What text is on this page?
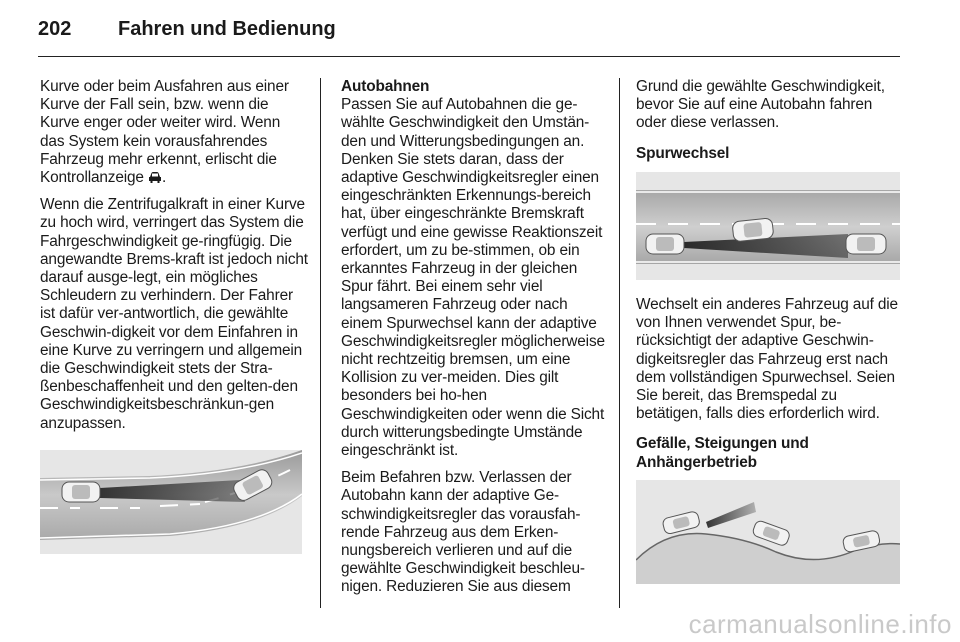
202 Fahren und Bedienung

Kurve oder beim Ausfahren aus einer Kurve der Fall sein, bzw. wenn die Kurve enger oder weiter wird. Wenn das System kein vorausfahrendes Fahrzeug mehr erkennt, erlischt die Kontrollanzeige .

Wenn die Zentrifugalkraft in einer Kurve zu hoch wird, verringert das System die Fahrgeschwindigkeit ge-ringfügig. Die angewandte Brems-kraft ist jedoch nicht darauf ausge-legt, ein mögliches Schleudern zu verhindern. Der Fahrer ist dafür ver-antwortlich, die gewählte Geschwin-digkeit vor dem Einfahren in eine Kurve zu verringern und allgemein die Geschwindigkeit stets der Stra-ßenbeschaffenheit und den gelten-den Geschwindigkeitsbeschränkun-gen anzupassen.

Autobahnen

Passen Sie auf Autobahnen die ge-wählte Geschwindigkeit den Umstän-den und Witterungsbedingungen an. Denken Sie stets daran, dass der adaptive Geschwindigkeitsregler einen eingeschränkten Erkennungs-bereich hat, über eingeschränkte Bremskraft verfügt und eine gewisse Reaktionszeit erfordert, um zu be-stimmen, ob ein erkanntes Fahrzeug in der gleichen Spur fährt. Bei einem sehr viel langsameren Fahrzeug oder nach einem Spurwechsel kann der adaptive Geschwindigkeitsregler möglicherweise nicht rechtzeitig bremsen, um eine Kollision zu ver-meiden. Dies gilt besonders bei ho-hen Geschwindigkeiten oder wenn die Sicht durch witterungsbedingte Umstände eingeschränkt ist.

Beim Befahren bzw. Verlassen der Autobahn kann der adaptive Ge-schwindigkeitsregler das vorausfah-rende Fahrzeug aus dem Erken-nungsbereich verlieren und auf die gewählte Geschwindigkeit beschleu-nigen. Reduzieren Sie aus diesem

Grund die gewählte Geschwindigkeit, bevor Sie auf eine Autobahn fahren oder diese verlassen.

Spurwechsel

Wechselt ein anderes Fahrzeug auf die von Ihnen verwendet Spur, be-rücksichtigt der adaptive Geschwin-digkeitsregler das Fahrzeug erst nach dem vollständigen Spurwechsel. Seien Sie bereit, das Bremspedal zu betätigen, falls dies erforderlich wird.

Gefälle, Steigungen und Anhängerbetrieb
carmanualsonline.info
